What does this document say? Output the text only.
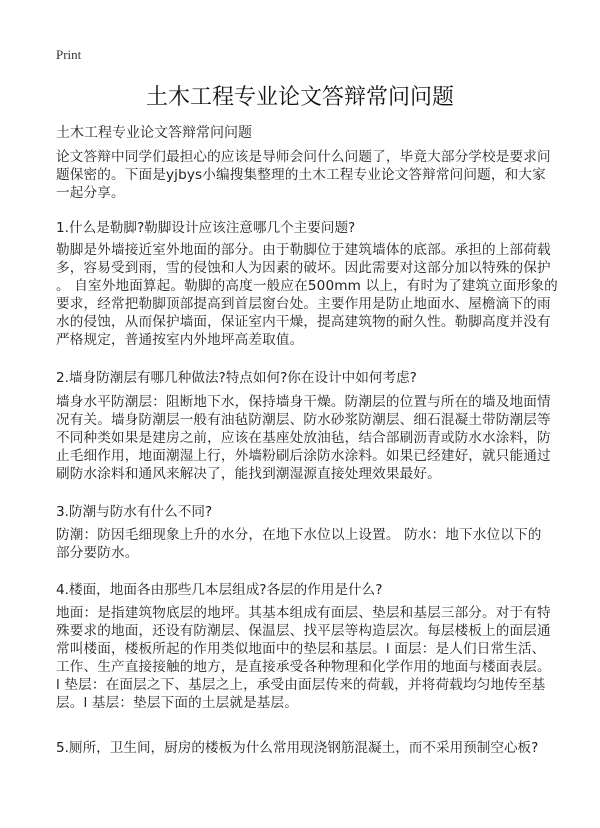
Print
土木工程专业论文答辩常问问题
土木工程专业论文答辩常问问题
论文答辩中同学们最担心的应该是导师会问什么问题了，毕竟大部分学校是要求问
题保密的。下面是yjbys小编搜集整理的土木工程专业论文答辩常问问题，和大家
一起分享。
1.什么是勒脚?勒脚设计应该注意哪几个主要问题?
勒脚是外墙接近室外地面的部分。由于勒脚位于建筑墙体的底部。承担的上部荷载
多，容易受到雨，雪的侵蚀和人为因素的破坏。因此需要对这部分加以特殊的保护
。 自室外地面算起。勒脚的高度一般应在500mm 以上，有时为了建筑立面形象的
要求，经常把勒脚顶部提高到首层窗台处。主要作用是防止地面水、屋檐滴下的雨
水的侵蚀，从而保护墙面，保证室内干燥，提高建筑物的耐久性。勒脚高度并没有
严格规定，普通按室内外地坪高差取值。
2.墙身防潮层有哪几种做法?特点如何?你在设计中如何考虑?
墙身水平防潮层：阻断地下水，保持墙身干燥。防潮层的位置与所在的墙及地面情
况有关。墙身防潮层一般有油毡防潮层、防水砂浆防潮层、细石混凝土带防潮层等
不同种类如果是建房之前，应该在基座处放油毡，结合部刷沥青或防水水涂料，防
止毛细作用，地面潮湿上行，外墙粉刷后涂防水涂料。如果已经建好，就只能通过
刷防水涂料和通风来解决了，能找到潮湿源直接处理效果最好。
3.防潮与防水有什么不同?
防潮：防因毛细现象上升的水分，在地下水位以上设置。 防水：地下水位以下的
部分要防水。
4.楼面，地面各由那些几本层组成?各层的作用是什么?
地面：是指建筑物底层的地坪。其基本组成有面层、垫层和基层三部分。对于有特
殊要求的地面，还设有防潮层、保温层、找平层等构造层次。每层楼板上的面层通
常叫楼面，楼板所起的作用类似地面中的垫层和基层。l 面层：是人们日常生活、
工作、生产直接接触的地方，是直接承受各种物理和化学作用的地面与楼面表层。
l 垫层：在面层之下、基层之上，承受由面层传来的荷载，并将荷载均匀地传至基
层。l 基层：垫层下面的土层就是基层。
5.厕所，卫生间，厨房的楼板为什么常用现浇钢筋混凝土，而不采用预制空心板?
